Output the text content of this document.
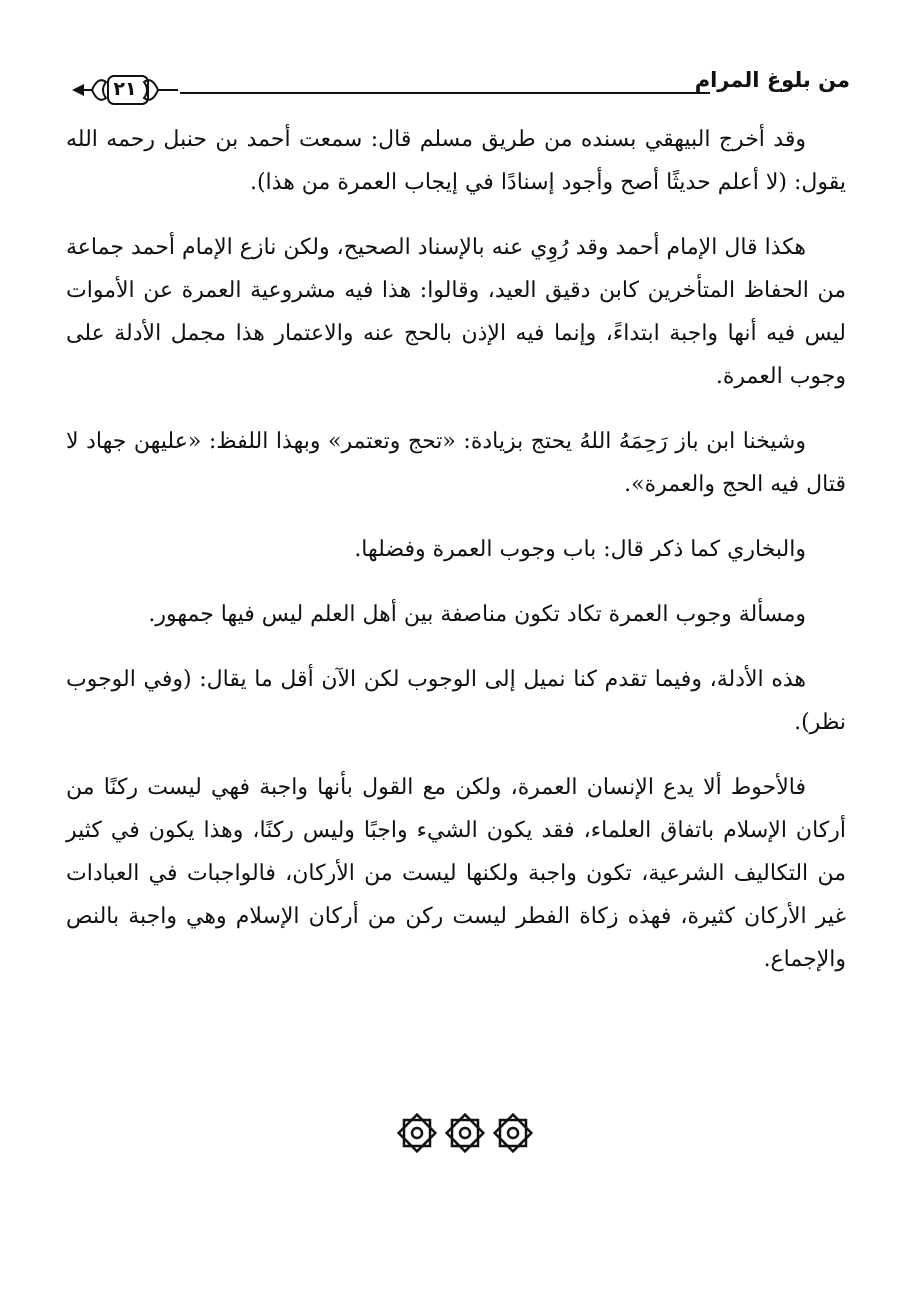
من بلوغ المرام
٢١

وقد أخرج البيهقي بسنده من طريق مسلم قال: سمعت أحمد بن حنبل رحمه الله يقول: (لا أعلم حديثًا أصح وأجود إسنادًا في إيجاب العمرة من هذا).

هكذا قال الإمام أحمد وقد رُوِي عنه بالإسناد الصحيح، ولكن نازع الإمام أحمد جماعة من الحفاظ المتأخرين كابن دقيق العيد، وقالوا: هذا فيه مشروعية العمرة عن الأموات ليس فيه أنها واجبة ابتداءً، وإنما فيه الإذن بالحج عنه والاعتمار هذا مجمل الأدلة على وجوب العمرة.

وشيخنا ابن باز رَحِمَهُ اللهُ يحتج بزيادة: «تحج وتعتمر» وبهذا اللفظ: «عليهن جهاد لا قتال فيه الحج والعمرة».

والبخاري كما ذكر قال: باب وجوب العمرة وفضلها.

ومسألة وجوب العمرة تكاد تكون مناصفة بين أهل العلم ليس فيها جمهور.

هذه الأدلة، وفيما تقدم كنا نميل إلى الوجوب لكن الآن أقل ما يقال: (وفي الوجوب نظر).

فالأحوط ألا يدع الإنسان العمرة، ولكن مع القول بأنها واجبة فهي ليست ركنًا من أركان الإسلام باتفاق العلماء، فقد يكون الشيء واجبًا وليس ركنًا، وهذا يكون في كثير من التكاليف الشرعية، تكون واجبة ولكنها ليست من الأركان، فالواجبات في العبادات غير الأركان كثيرة، فهذه زكاة الفطر ليست ركن من أركان الإسلام وهي واجبة بالنص والإجماع.
